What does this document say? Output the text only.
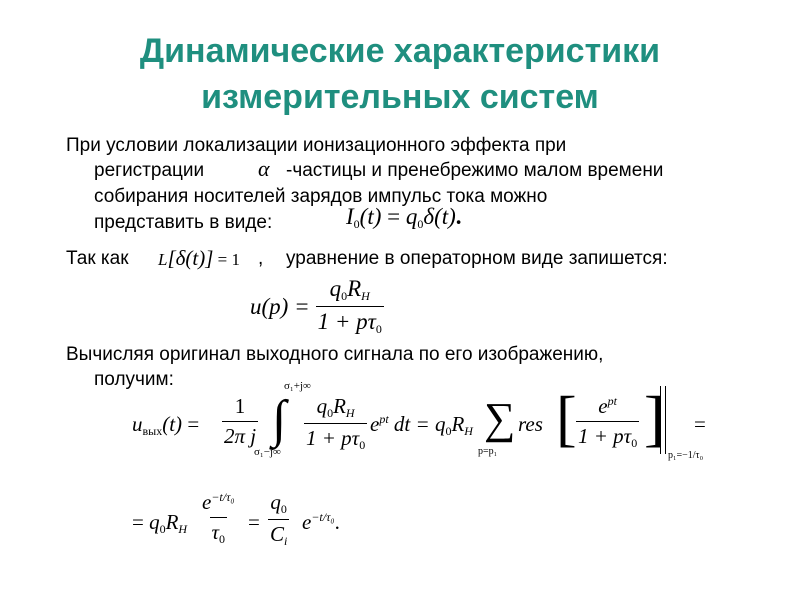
Динамические характеристики
измерительных систем
При условии локализации ионизационного эффекта при
регистрации α -частицы и пренебрежимо малом времени
собирания носителей зарядов импульс тока можно
представить в виде:	$I_0(t) = q_0\delta(t)$.
Так как L[δ(t)] = 1 , уравнение в операторном виде запишется:
$u(p) = \frac{q_0R_H}{1 + p\tau_0}$
Вычисляя оригинал выходного сигнала по его изображению,
получим:
$u_{вых}(t) = \frac{1}{\text{2π j}}$
σ₁+j∞
∫
$\sigma_1-j\infty \frac{q_0R_H}{1 + p\tau_0} e^{pt}$ dt = $q_0R_H$ ∑
p=p₁
res [ $e^{pt}$
$1 + p\tau_0$ ]
p₁=−1/τ₀
=
= $q_0R_H \frac{e^{-t/\tau_0}}{\tau_0} = \frac{q_0}{C_i} e^{-t/\tau_0}$.
